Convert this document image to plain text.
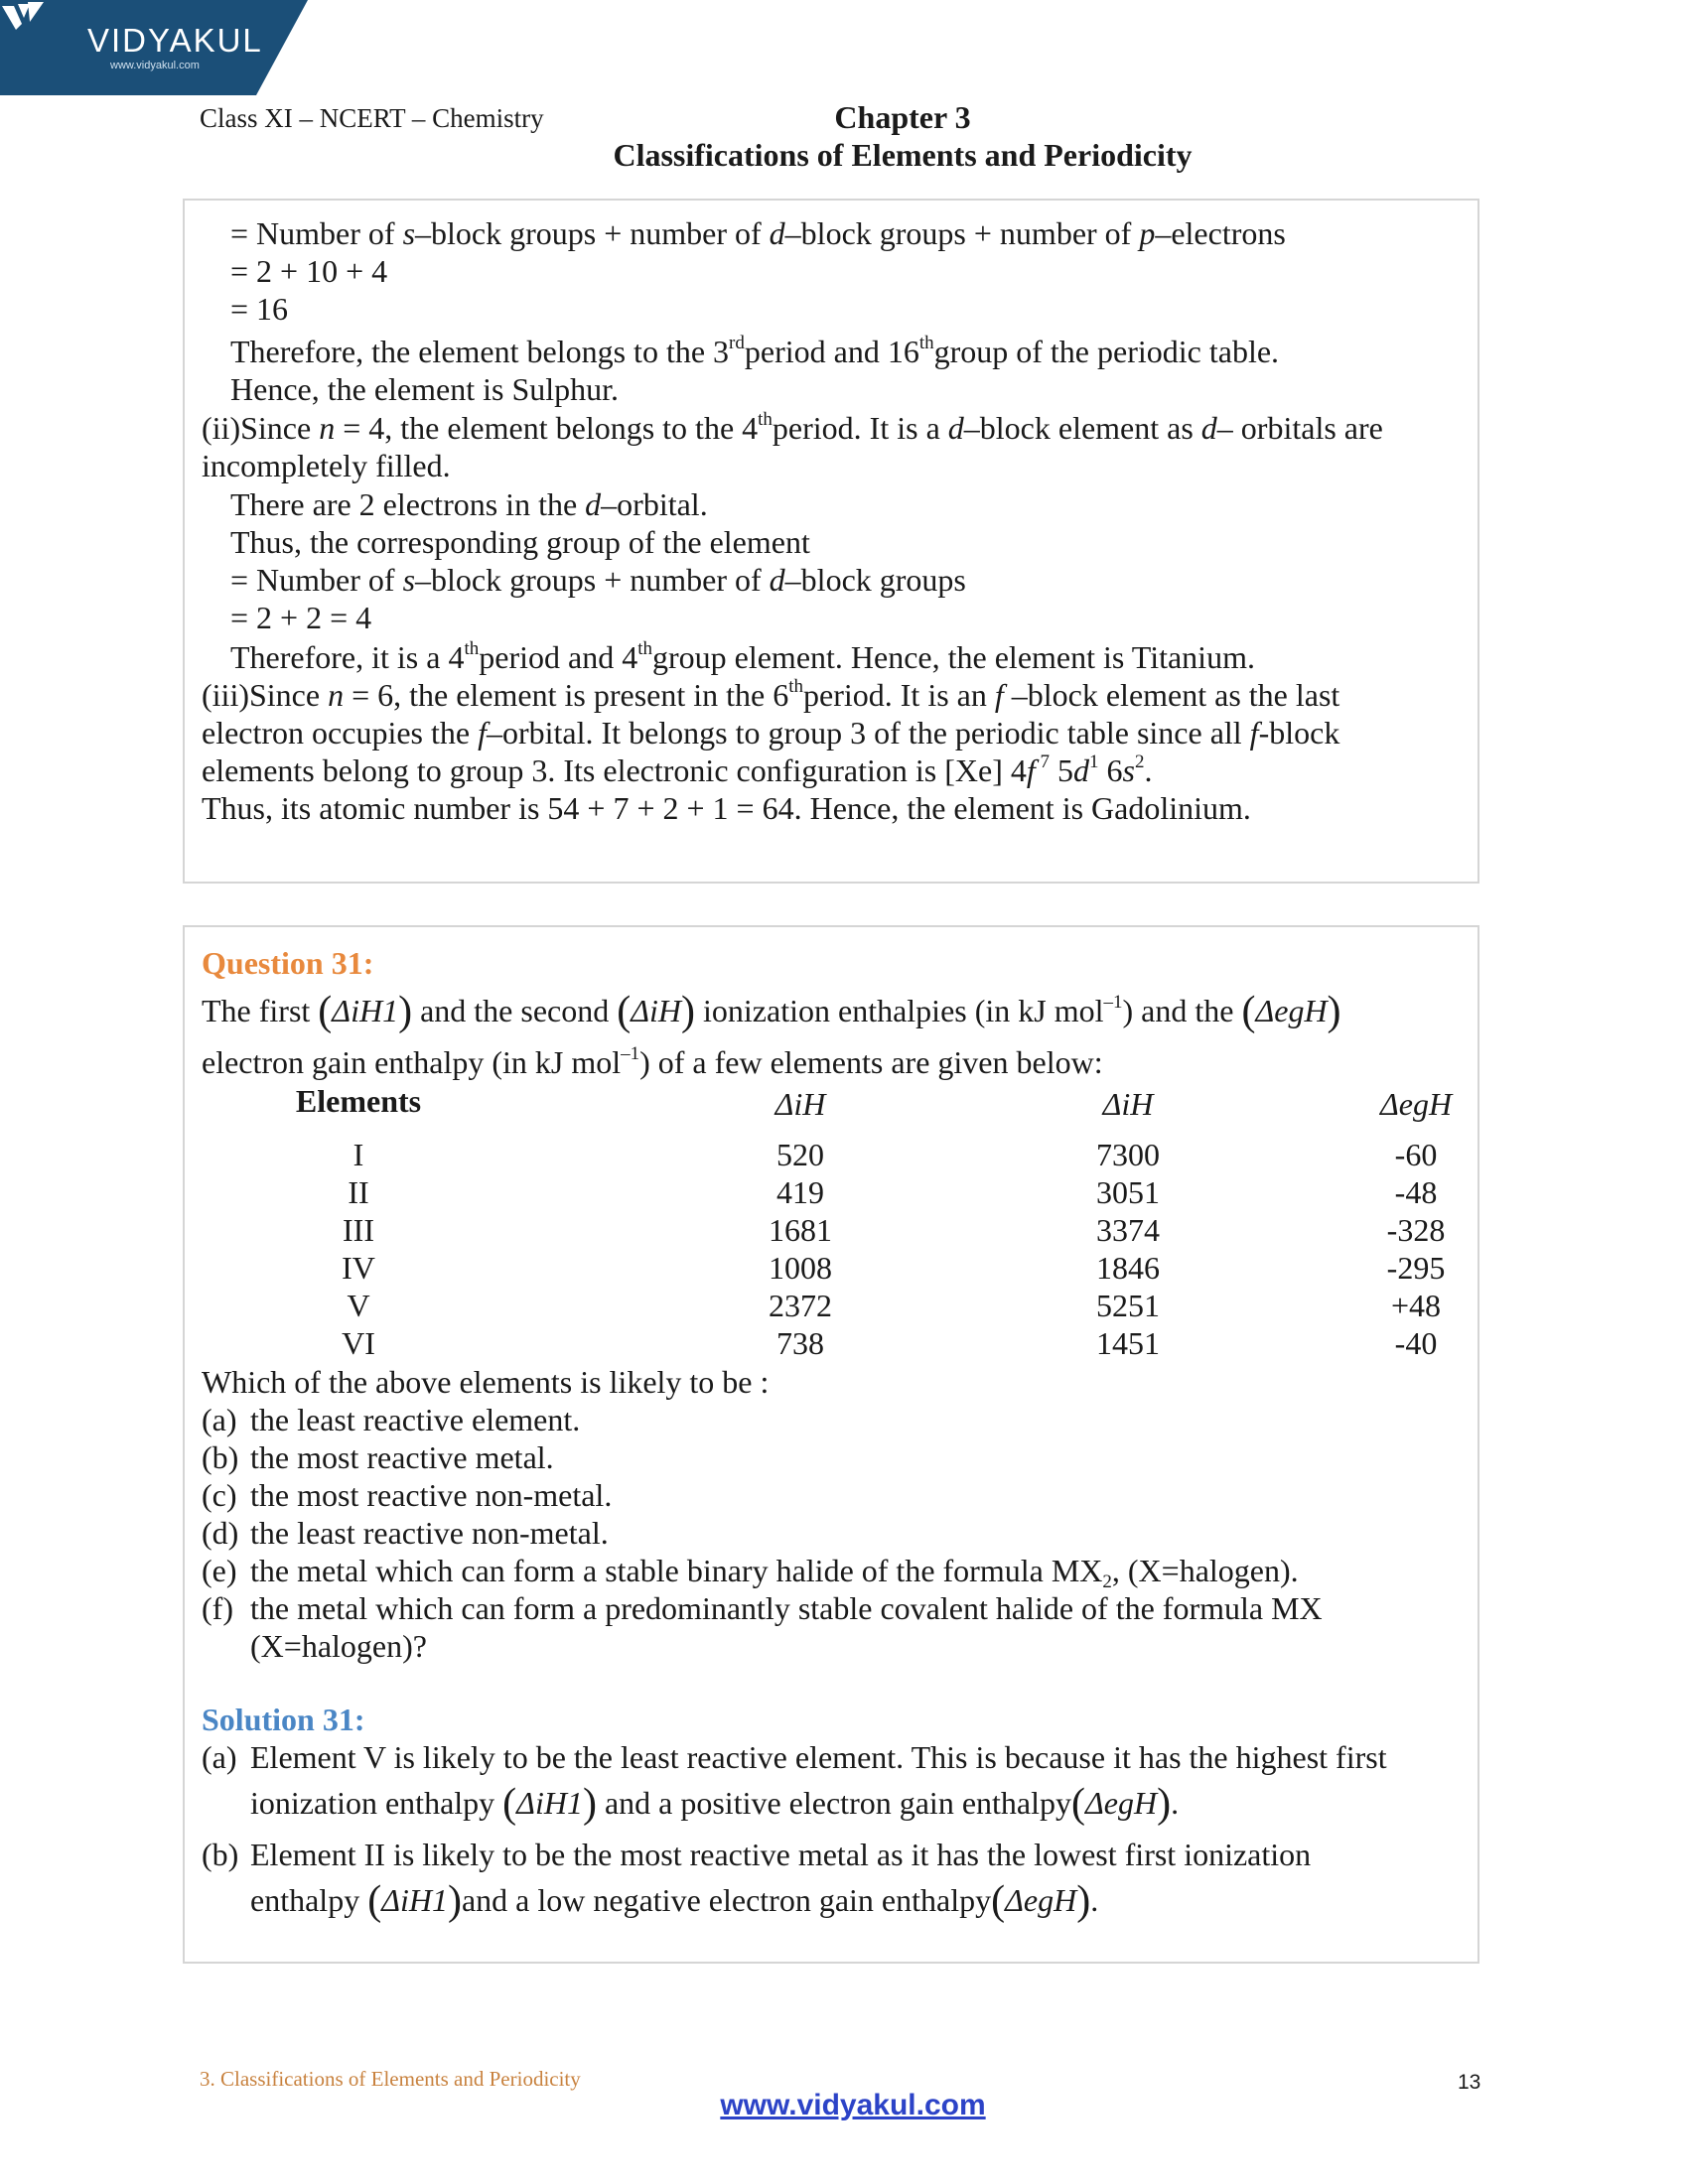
VIDYAKUL
www.vidyakul.com
Class XI – NCERT – Chemistry	Chapter 3
Classifications of Elements and Periodicity
= Number of s–block groups + number of d–block groups + number of p–electrons
= 2 + 10 + 4
= 16
Therefore, the element belongs to the 3rdperiod and 16thgroup of the periodic table.
Hence, the element is Sulphur.
(ii)Since n = 4, the element belongs to the 4thperiod. It is a d–block element as d– orbitals are
incompletely filled.
There are 2 electrons in the d–orbital.
Thus, the corresponding group of the element
= Number of s–block groups + number of d–block groups
= 2 + 2 = 4
Therefore, it is a 4thperiod and 4thgroup element. Hence, the element is Titanium.
(iii)Since n = 6, the element is present in the 6thperiod. It is an f –block element as the last
electron occupies the f–orbital. It belongs to group 3 of the periodic table since all f-block
elements belong to group 3. Its electronic configuration is [Xe] 4f $^7$ $5d^1$ $6s^2$.
Thus, its atomic number is 54 + 7 + 2 + 1 = 64. Hence, the element is Gadolinium.
Question 31:
The first (ΔiH1) and the second (ΔiH) ionization enthalpies (in kJ mol$^{-1}$) and the (ΔegH)
electron gain enthalpy (in kJ mol$^{-1}$) of a few elements are given below:
Elements	ΔiH	ΔiH	ΔegH
I	520	7300	-60
II	419	3051	-48
III	1681	3374	-328
IV	1008	1846	-295
V	2372	5251	+48
VI	738	1451	-40
Which of the above elements is likely to be :
(a) the least reactive element.
(b) the most reactive metal.
(c) the most reactive non-metal.
(d) the least reactive non-metal.
(e) the metal which can form a stable binary halide of the formula $MX_2$, (X=halogen).
(f) the metal which can form a predominantly stable covalent halide of the formula MX
(X=halogen)?
Solution 31:
(a) Element V is likely to be the least reactive element. This is because it has the highest first
ionization enthalpy (ΔiH1) and a positive electron gain enthalpy(ΔegH).
(b) Element II is likely to be the most reactive metal as it has the lowest first ionization
enthalpy (ΔiH1)and a low negative electron gain enthalpy(ΔegH).
3. Classifications of Elements and Periodicity
www.vidyakul.com
13
